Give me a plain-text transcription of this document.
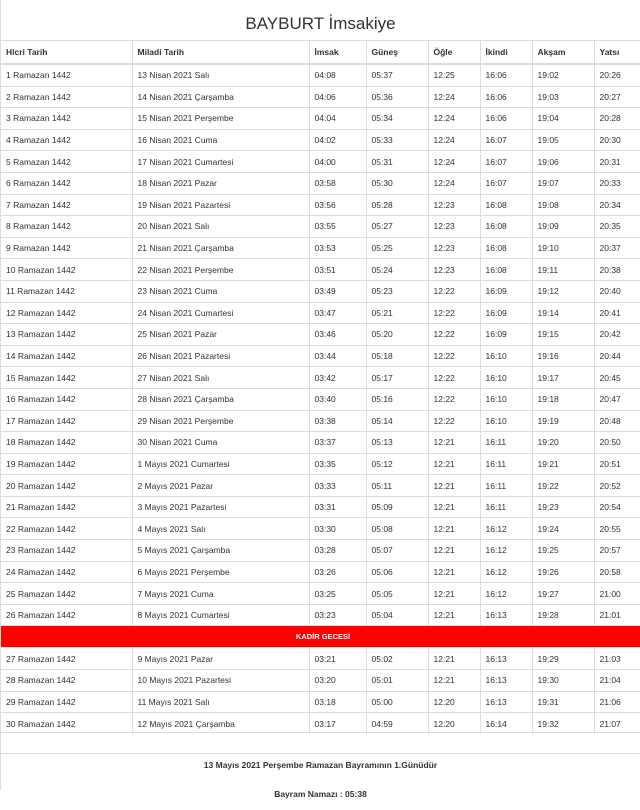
BAYBURT İmsakiye
Hicri Tarih	Miladi Tarih	İmsak	Güneş	Öğle	İkindi	Akşam	Yatsı
1 Ramazan 1442	13 Nisan 2021 Salı	04:08	05:37	12:25	16:06	19:02	20:26
2 Ramazan 1442	14 Nisan 2021 Çarşamba	04:06	05:36	12:24	16:06	19:03	20:27
3 Ramazan 1442	15 Nisan 2021 Perşembe	04:04	05:34	12:24	16:06	19:04	20:28
4 Ramazan 1442	16 Nisan 2021 Cuma	04:02	05:33	12:24	16:07	19:05	20:30
5 Ramazan 1442	17 Nisan 2021 Cumartesi	04:00	05:31	12:24	16:07	19:06	20:31
6 Ramazan 1442	18 Nisan 2021 Pazar	03:58	05:30	12:24	16:07	19:07	20:33
7 Ramazan 1442	19 Nisan 2021 Pazartesi	03:56	05:28	12:23	16:08	19:08	20:34
8 Ramazan 1442	20 Nisan 2021 Salı	03:55	05:27	12:23	16:08	19:09	20:35
9 Ramazan 1442	21 Nisan 2021 Çarşamba	03:53	05:25	12:23	16:08	19:10	20:37
10 Ramazan 1442	22 Nisan 2021 Perşembe	03:51	05:24	12:23	16:08	19:11	20:38
11 Ramazan 1442	23 Nisan 2021 Cuma	03:49	05:23	12:22	16:09	19:12	20:40
12 Ramazan 1442	24 Nisan 2021 Cumartesi	03:47	05:21	12:22	16:09	19:14	20:41
13 Ramazan 1442	25 Nisan 2021 Pazar	03:46	05:20	12:22	16:09	19:15	20:42
14 Ramazan 1442	26 Nisan 2021 Pazartesi	03:44	05:18	12:22	16:10	19:16	20:44
15 Ramazan 1442	27 Nisan 2021 Salı	03:42	05:17	12:22	16:10	19:17	20:45
16 Ramazan 1442	28 Nisan 2021 Çarşamba	03:40	05:16	12:22	16:10	19:18	20:47
17 Ramazan 1442	29 Nisan 2021 Perşembe	03:38	05:14	12:22	16:10	19:19	20:48
18 Ramazan 1442	30 Nisan 2021 Cuma	03:37	05:13	12:21	16:11	19:20	20:50
19 Ramazan 1442	1 Mayıs 2021 Cumartesi	03:35	05:12	12:21	16:11	19:21	20:51
20 Ramazan 1442	2 Mayıs 2021 Pazar	03:33	05:11	12:21	16:11	19:22	20:52
21 Ramazan 1442	3 Mayıs 2021 Pazartesi	03:31	05:09	12:21	16:11	19:23	20:54
22 Ramazan 1442	4 Mayıs 2021 Salı	03:30	05:08	12:21	16:12	19:24	20:55
23 Ramazan 1442	5 Mayıs 2021 Çarşamba	03:28	05:07	12:21	16:12	19:25	20:57
24 Ramazan 1442	6 Mayıs 2021 Perşembe	03:26	05:06	12:21	16:12	19:26	20:58
25 Ramazan 1442	7 Mayıs 2021 Cuma	03:25	05:05	12:21	16:12	19:27	21:00
26 Ramazan 1442	8 Mayıs 2021 Cumartesi	03:23	05:04	12:21	16:13	19:28	21:01
KADİR GECESİ							
27 Ramazan 1442	9 Mayıs 2021 Pazar	03:21	05:02	12:21	16:13	19:29	21:03
28 Ramazan 1442	10 Mayıs 2021 Pazartesi	03:20	05:01	12:21	16:13	19:30	21:04
29 Ramazan 1442	11 Mayıs 2021 Salı	03:18	05:00	12:20	16:13	19:31	21:06
30 Ramazan 1442	12 Mayıs 2021 Çarşamba	03:17	04:59	12:20	16:14	19:32	21:07
13 Mayıs 2021 Perşembe Ramazan Bayramının 1.Günüdür
Bayram Namazı : 05:38
